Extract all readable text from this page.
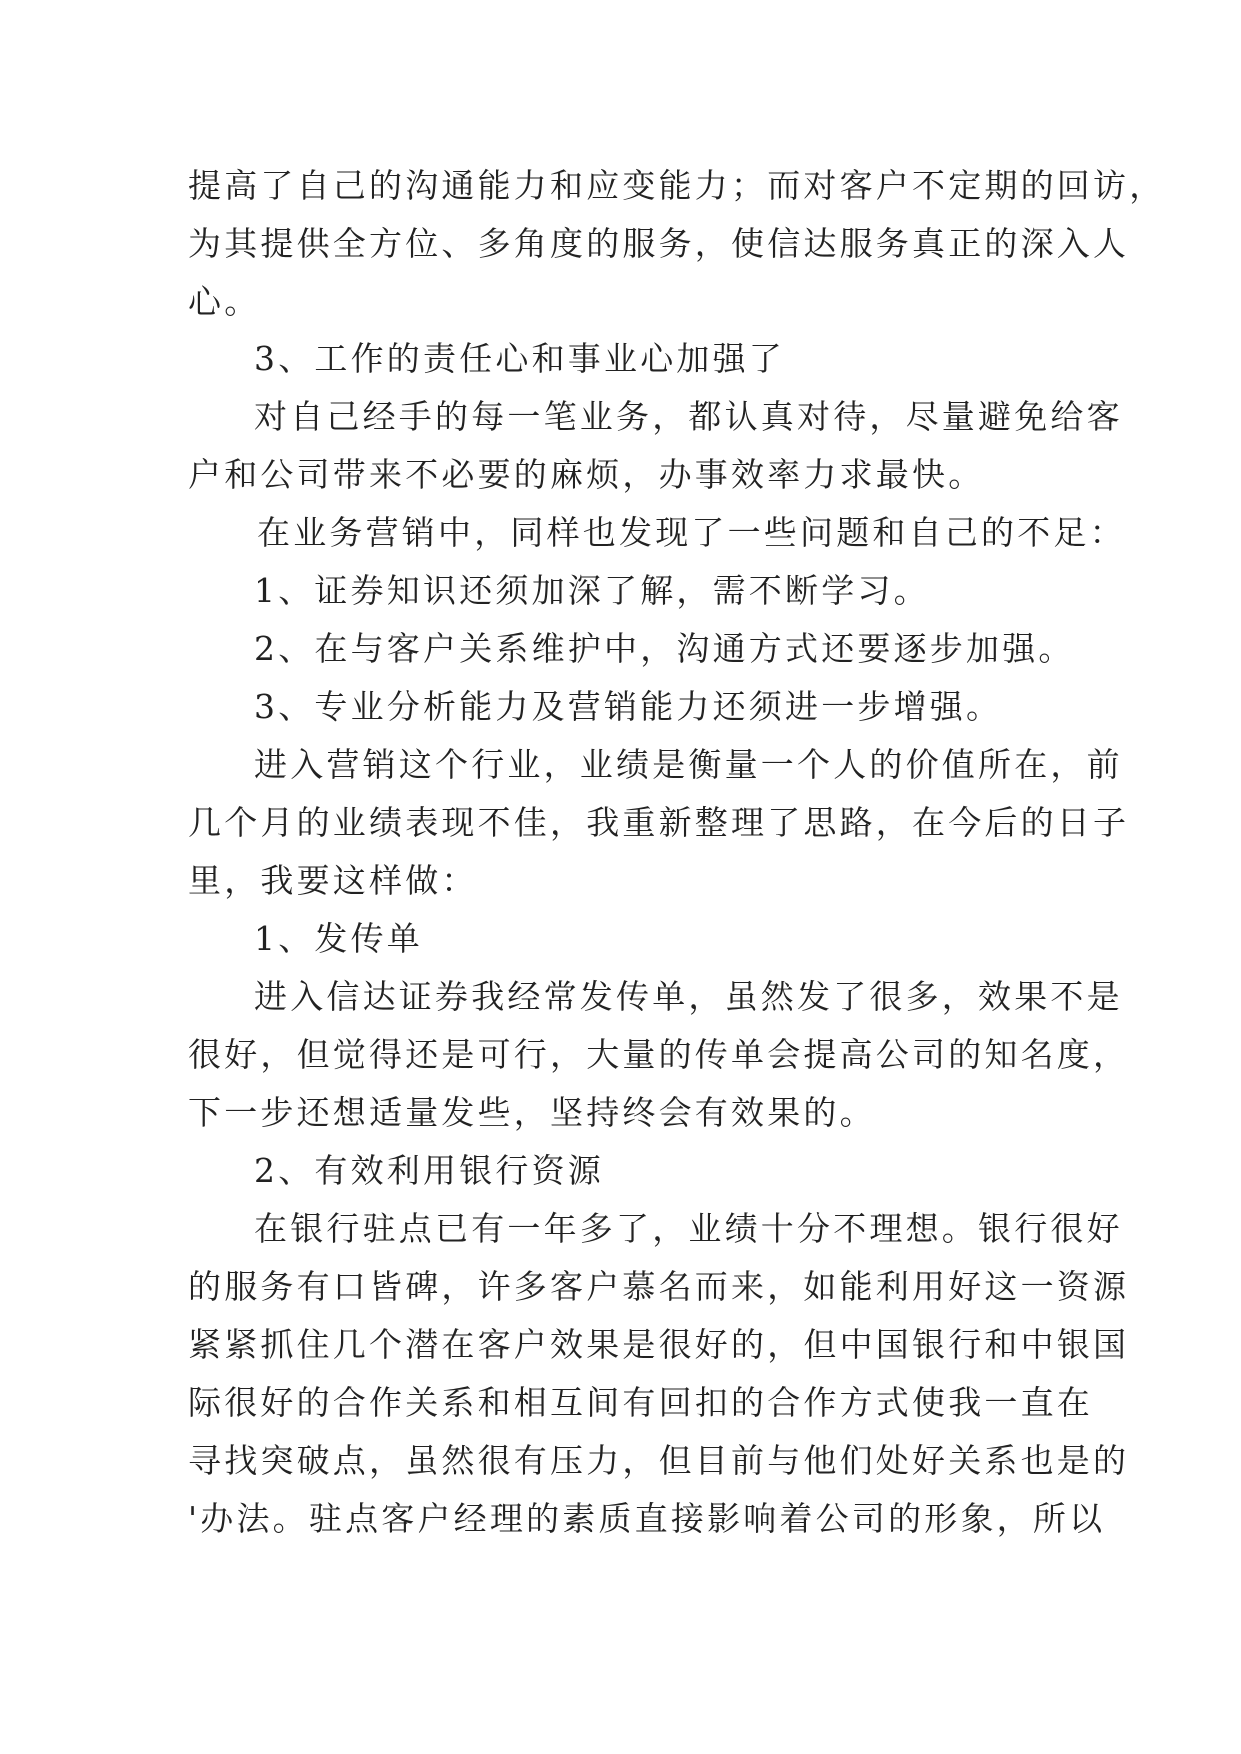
提高了自己的沟通能力和应变能力；而对客户不定期的回访，
为其提供全方位、多角度的服务，使信达服务真正的深入人
心。
3、工作的责任心和事业心加强了
对自己经手的每一笔业务，都认真对待，尽量避免给客
户和公司带来不必要的麻烦，办事效率力求最快。
在业务营销中，同样也发现了一些问题和自己的不足：
1、证券知识还须加深了解，需不断学习。
2、在与客户关系维护中，沟通方式还要逐步加强。
3、专业分析能力及营销能力还须进一步增强。
进入营销这个行业，业绩是衡量一个人的价值所在，前
几个月的业绩表现不佳，我重新整理了思路，在今后的日子
里，我要这样做：
1、发传单
进入信达证券我经常发传单，虽然发了很多，效果不是
很好，但觉得还是可行，大量的传单会提高公司的知名度，
下一步还想适量发些，坚持终会有效果的。
2、有效利用银行资源
在银行驻点已有一年多了，业绩十分不理想。银行很好
的服务有口皆碑，许多客户慕名而来，如能利用好这一资源
紧紧抓住几个潜在客户效果是很好的，但中国银行和中银国
际很好的合作关系和相互间有回扣的合作方式使我一直在
寻找突破点，虽然很有压力，但目前与他们处好关系也是的
'办法。驻点客户经理的素质直接影响着公司的形象，所以
